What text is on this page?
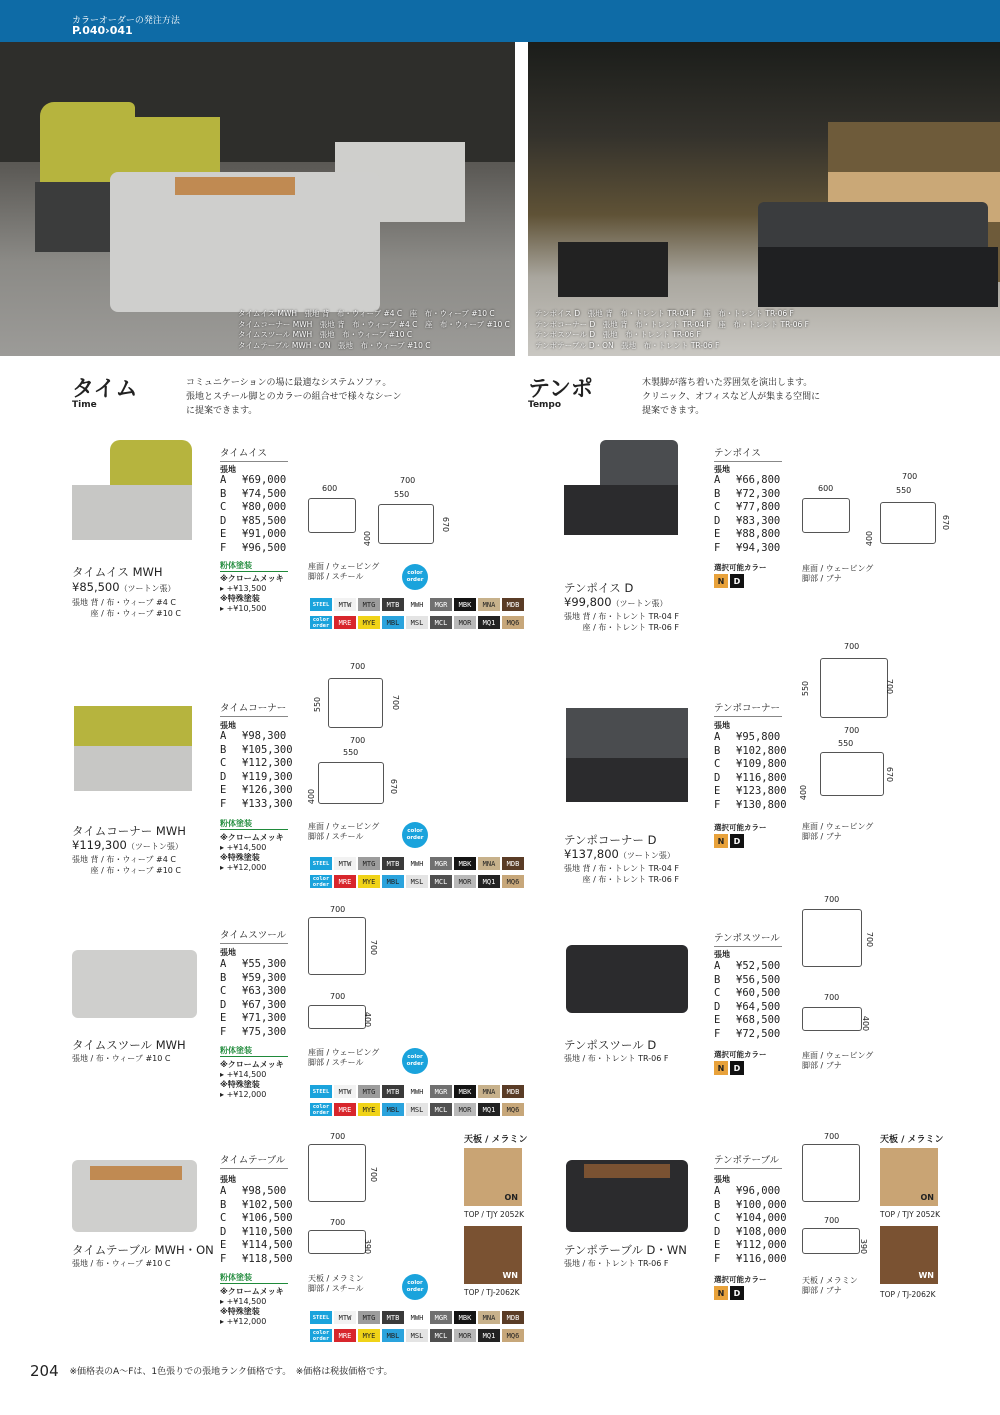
カラーオーダーの発注方法
P.040›041
タイムイス MWH　張地 背　布・ウィーブ #4 C　座　布・ウィーブ #10 C
タイムコーナー MWH　張地 背　布・ウィーブ #4 C　座　布・ウィーブ #10 C
タイムスツール MWH　張地　布・ウィーブ #10 C
タイムテーブル MWH・ON　張地　布・ウィーブ #10 C
テンポイス D　張地 背　布・トレント TR-04 F　座　布・トレント TR-06 F
テンポコーナー D　張地 背　布・トレント TR-04 F　座　布・トレント TR-06 F
テンポスツール D　張地　布・トレント TR-06 F
テンポテーブル D・ON　張地　布・トレント TR-06 F
タイム
Time
コミュニケーションの場に最適なシステムソファ。
張地とスチール脚とのカラーの組合せで様々なシーン
に提案できます。
テンポ
Tempo
木製脚が落ち着いた雰囲気を演出します。
クリニック、オフィスなど人が集まる空間に
提案できます。
タイムイス MWH
¥85,500（ツートン張）
張地 背 / 布・ウィーブ #4 C
　　 座 / 布・ウィーブ #10 C
タイムイス
張地
A ¥69,000
B ¥74,500
C ¥80,000
D ¥85,500
E ¥91,000
F ¥96,500
粉体塗装
※クロームメッキ
▸ +¥13,500
※特殊塗装
▸ +¥10,500
600
700
550
670
400
座面 / ウェービング
脚部 / スチール	color order
タイムコーナー MWH
¥119,300（ツートン張）
張地 背 / 布・ウィーブ #4 C
　　 座 / 布・ウィーブ #10 C
タイムコーナー
張地
A ¥98,300
B ¥105,300
C ¥112,300
D ¥119,300
E ¥126,300
F ¥133,300
粉体塗装
※クロームメッキ
▸ +¥14,500
※特殊塗装
▸ +¥12,000
700
550	700
700
550
670
400
座面 / ウェービング
脚部 / スチール
color order
タイムスツール MWH
張地 / 布・ウィーブ #10 C
タイムスツール
張地
A ¥55,300
B ¥59,300
C ¥63,300
D ¥67,300
E ¥71,300
F ¥75,300
粉体塗装
※クロームメッキ
▸ +¥14,500
※特殊塗装
▸ +¥12,000
700
700
700
400
座面 / ウェービング
脚部 / スチール
color order
タイムテーブル MWH・ON
張地 / 布・ウィーブ #10 C
タイムテーブル
張地
A ¥98,500
B ¥102,500
C ¥106,500
D ¥110,500
E ¥114,500
F ¥118,500
粉体塗装
※クロームメッキ
▸ +¥14,500
※特殊塗装
▸ +¥12,000
700
700
700
390
天板 / メラミン
脚部 / スチール
color order
天板 / メラミン
ON
TOP / TJY 2052K
WN
TOP / TJ-2062K
STEEL	MTW	MTG	MTB	MWH	MGR	MBK	MNA	MDB
color order	MRE	MYE	MBL	MSL	MCL	MOR	MQ1	MQ6
STEEL	MTW	MTG	MTB	MWH	MGR	MBK	MNA	MDB
color order	MRE	MYE	MBL	MSL	MCL	MOR	MQ1	MQ6
STEEL	MTW	MTG	MTB	MWH	MGR	MBK	MNA	MDB
color order	MRE	MYE	MBL	MSL	MCL	MOR	MQ1	MQ6
STEEL	MTW	MTG	MTB	MWH	MGR	MBK	MNA	MDB
color order	MRE	MYE	MBL	MSL	MCL	MOR	MQ1	MQ6
テンポイス D
¥99,800（ツートン張）
張地 背 / 布・トレント TR-04 F
　　 座 / 布・トレント TR-06 F
テンポイス
張地
A ¥66,800
B ¥72,300
C ¥77,800
D ¥83,300
E ¥88,800
F ¥94,300
選択可能カラー
N	D
600
700
550
670
400
座面 / ウェービング
脚部 / ブナ
テンポコーナー D
¥137,800（ツートン張）
張地 背 / 布・トレント TR-04 F
　　 座 / 布・トレント TR-06 F
テンポコーナー
張地
A ¥95,800
B ¥102,800
C ¥109,800
D ¥116,800
E ¥123,800
F ¥130,800
選択可能カラー
N	D
700
550	700
700
550
670
400
座面 / ウェービング
脚部 / ブナ
テンポスツール D
張地 / 布・トレント TR-06 F
テンポスツール
張地
A ¥52,500
B ¥56,500
C ¥60,500
D ¥64,500
E ¥68,500
F ¥72,500
選択可能カラー
N	D
700
700
700
400
座面 / ウェービング
脚部 / ブナ
テンポテーブル D・WN
張地 / 布・トレント TR-06 F
テンポテーブル
張地
A ¥96,000
B ¥100,000
C ¥104,000
D ¥108,000
E ¥112,000
F ¥116,000
選択可能カラー
N	D
700
700
390
天板 / メラミン
脚部 / ブナ
天板 / メラミン
ON
TOP / TJY 2052K
WN
TOP / TJ-2062K
204 ※価格表のA〜Fは、1色張りでの張地ランク価格です。　 ※価格は税抜価格です。
